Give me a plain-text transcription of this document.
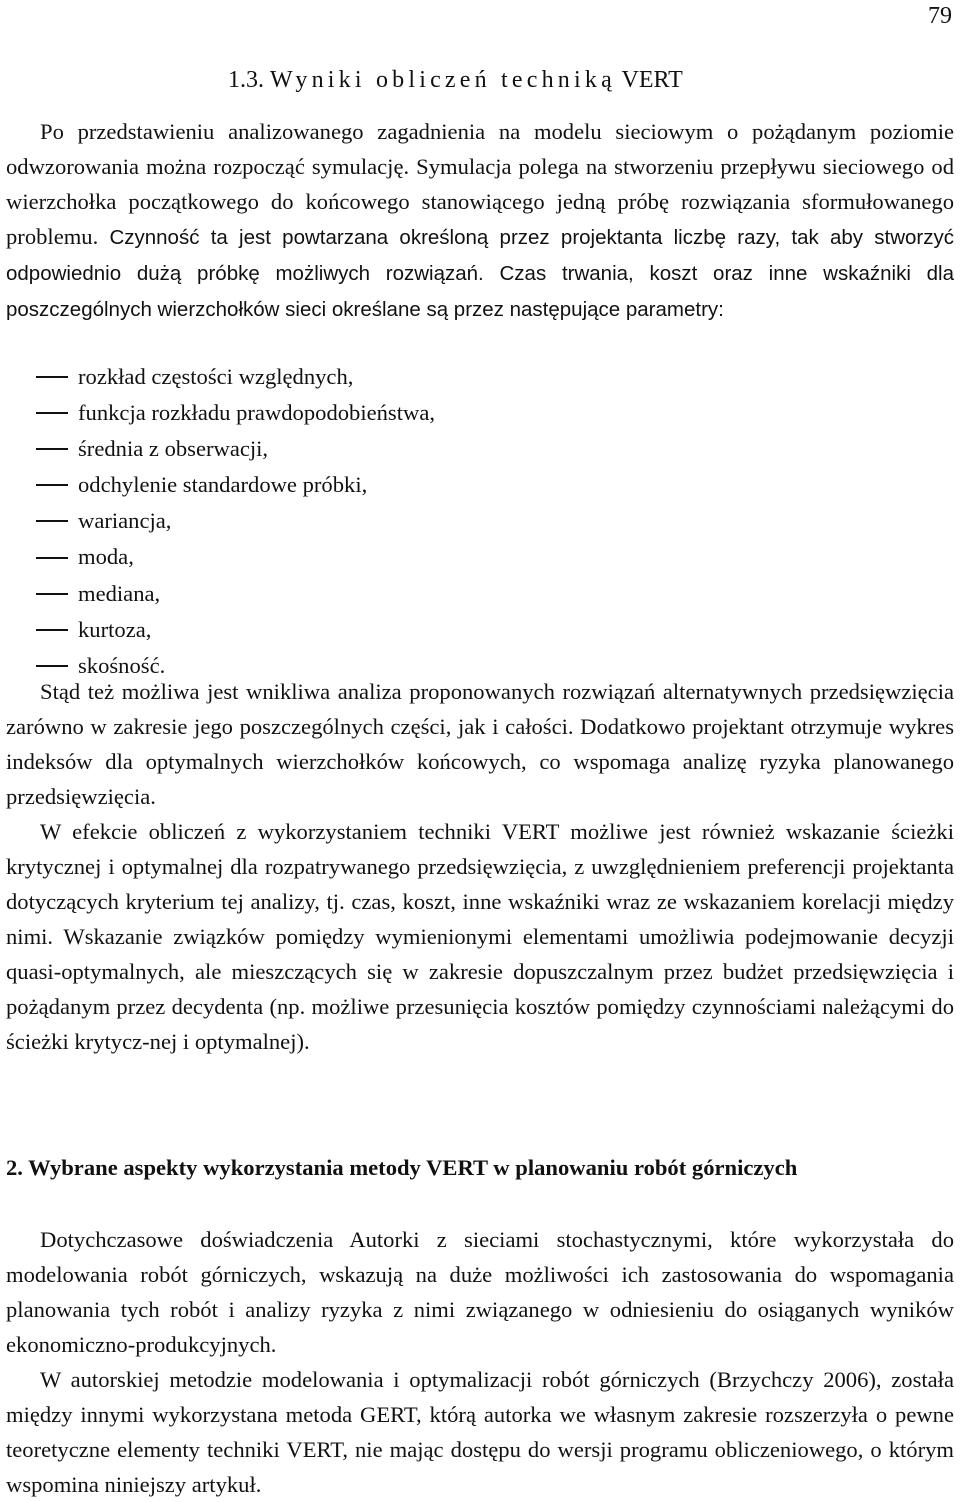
79
1.3. Wyniki obliczeń techniką VERT

Po przedstawieniu analizowanego zagadnienia na modelu sieciowym o pożądanym poziomie odwzorowania można rozpocząć symulację. Symulacja polega na stworzeniu przepływu sieciowego od wierzchołka początkowego do końcowego stanowiącego jedną próbę rozwiązania sformułowanego problemu. Czynność ta jest powtarzana określoną przez projektanta liczbę razy, tak aby stworzyć odpowiednio dużą próbkę możliwych rozwiązań. Czas trwania, koszt oraz inne wskaźniki dla poszczególnych wierzchołków sieci określane są przez następujące parametry:

rozkład częstości względnych,
funkcja rozkładu prawdopodobieństwa,
średnia z obserwacji,
odchylenie standardowe próbki,
wariancja,
moda,
mediana,
kurtoza,
skośność.

Stąd też możliwa jest wnikliwa analiza proponowanych rozwiązań alternatywnych przedsięwzięcia zarówno w zakresie jego poszczególnych części, jak i całości. Dodatkowo projektant otrzymuje wykres indeksów dla optymalnych wierzchołków końcowych, co wspomaga analizę ryzyka planowanego przedsięwzięcia.

W efekcie obliczeń z wykorzystaniem techniki VERT możliwe jest również wskazanie ścieżki krytycznej i optymalnej dla rozpatrywanego przedsięwzięcia, z uwzględnieniem preferencji projektanta dotyczących kryterium tej analizy, tj. czas, koszt, inne wskaźniki wraz ze wskazaniem korelacji między nimi. Wskazanie związków pomiędzy wymienionymi elementami umożliwia podejmowanie decyzji quasi-optymalnych, ale mieszczących się w zakresie dopuszczalnym przez budżet przedsięwzięcia i pożądanym przez decydenta (np. możliwe przesunięcia kosztów pomiędzy czynnościami należącymi do ścieżki krytycz-nej i optymalnej).

2. Wybrane aspekty wykorzystania metody VERT w planowaniu robót górniczych

Dotychczasowe doświadczenia Autorki z sieciami stochastycznymi, które wykorzystała do modelowania robót górniczych, wskazują na duże możliwości ich zastosowania do wspomagania planowania tych robót i analizy ryzyka z nimi związanego w odniesieniu do osiąganych wyników ekonomiczno-produkcyjnych.

W autorskiej metodzie modelowania i optymalizacji robót górniczych (Brzychczy 2006), została między innymi wykorzystana metoda GERT, którą autorka we własnym zakresie rozszerzyła o pewne teoretyczne elementy techniki VERT, nie mając dostępu do wersji programu obliczeniowego, o którym wspomina niniejszy artykuł.
